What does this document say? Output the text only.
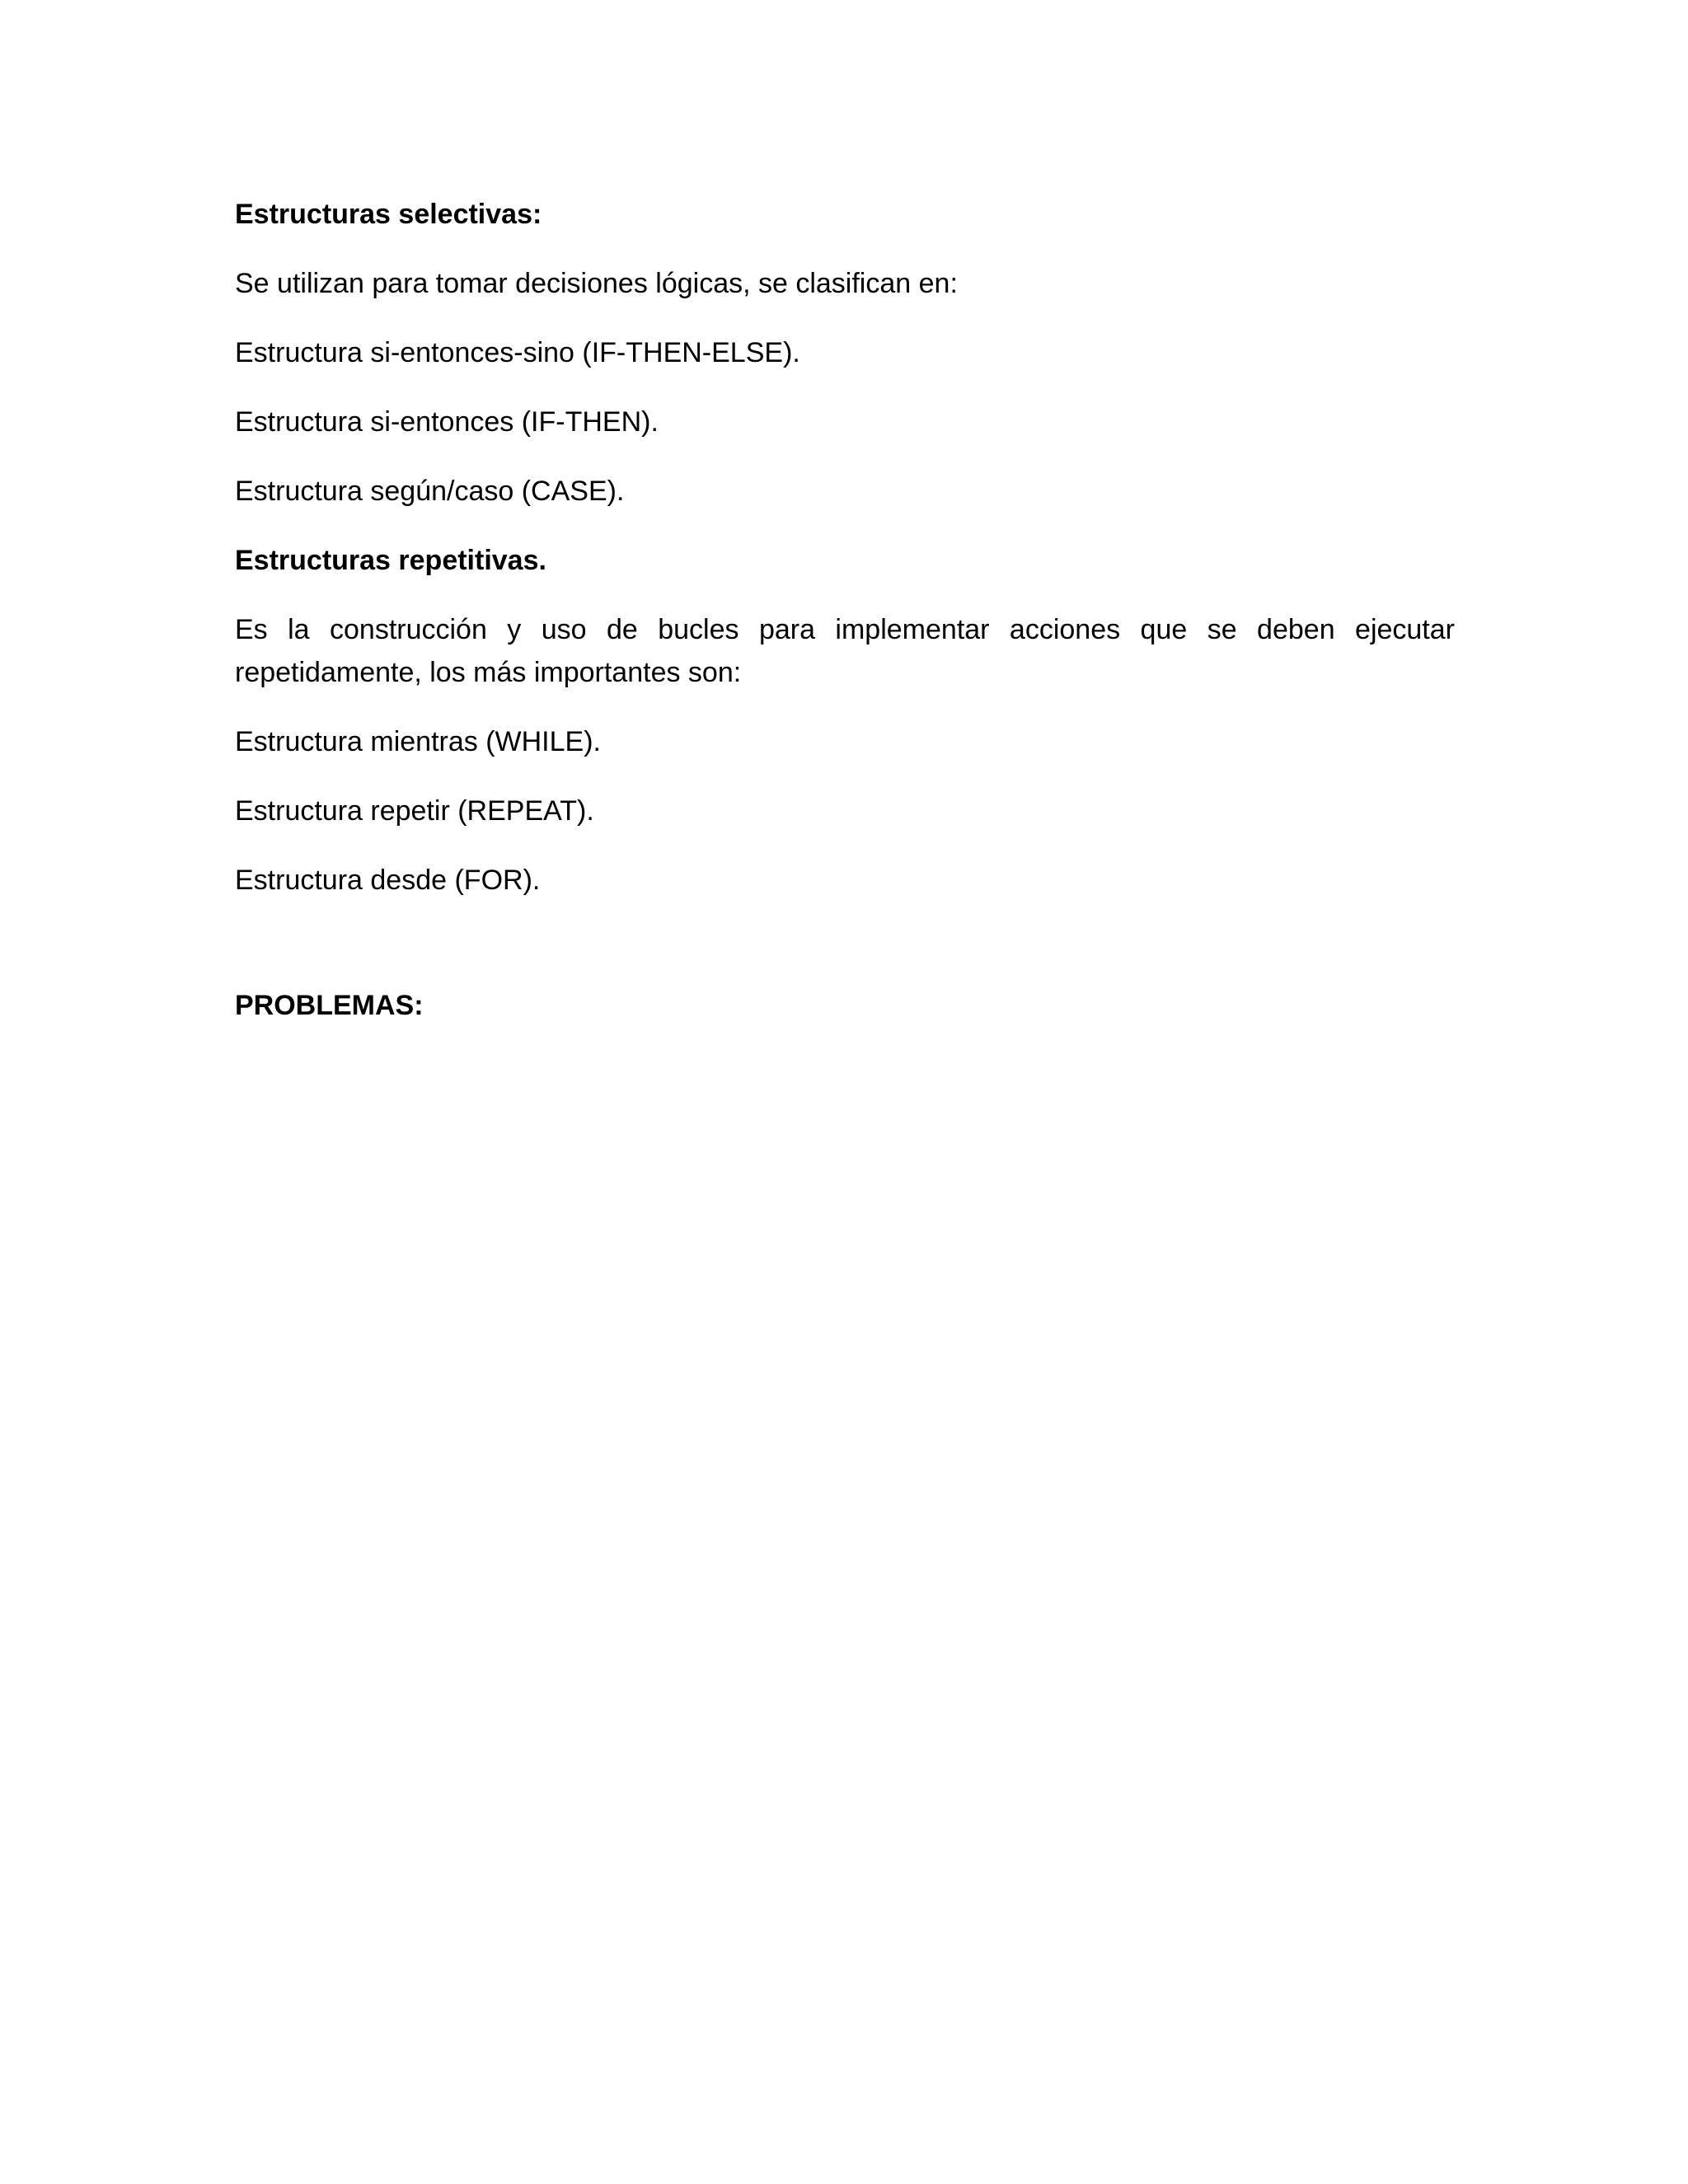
Estructuras selectivas:

Se utilizan para tomar decisiones lógicas, se clasifican en:

Estructura si-entonces-sino (IF-THEN-ELSE).

Estructura si-entonces (IF-THEN).

Estructura según/caso (CASE).

Estructuras repetitivas.

Es la construcción y uso de bucles para implementar acciones que se deben ejecutar repetidamente, los más importantes son:

Estructura mientras (WHILE).

Estructura repetir (REPEAT).

Estructura desde (FOR).

PROBLEMAS:
